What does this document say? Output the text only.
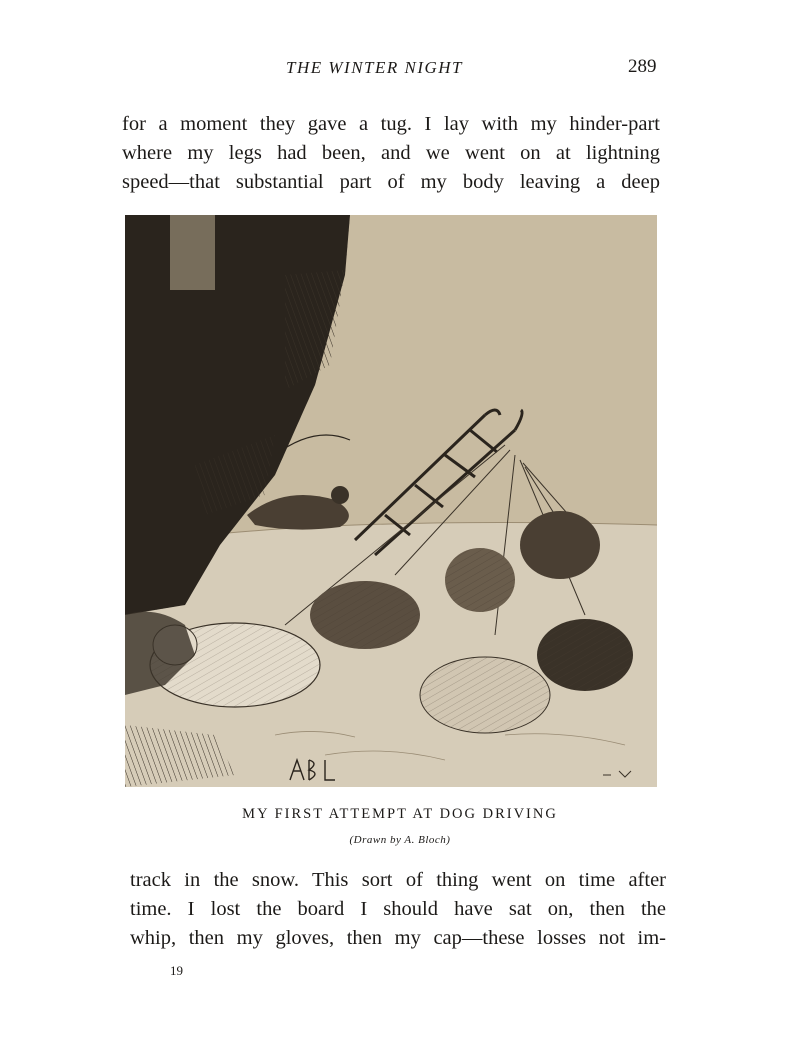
THE WINTER NIGHT	289
for a moment they gave a tug. I lay with my hinder-part
where my legs had been, and we went on at lightning
speed—that substantial part of my body leaving a deep
MY FIRST ATTEMPT AT DOG DRIVING
(Drawn by A. Bloch)
track in the snow. This sort of thing went on time after
time. I lost the board I should have sat on, then the
whip, then my gloves, then my cap—these losses not im-
19
